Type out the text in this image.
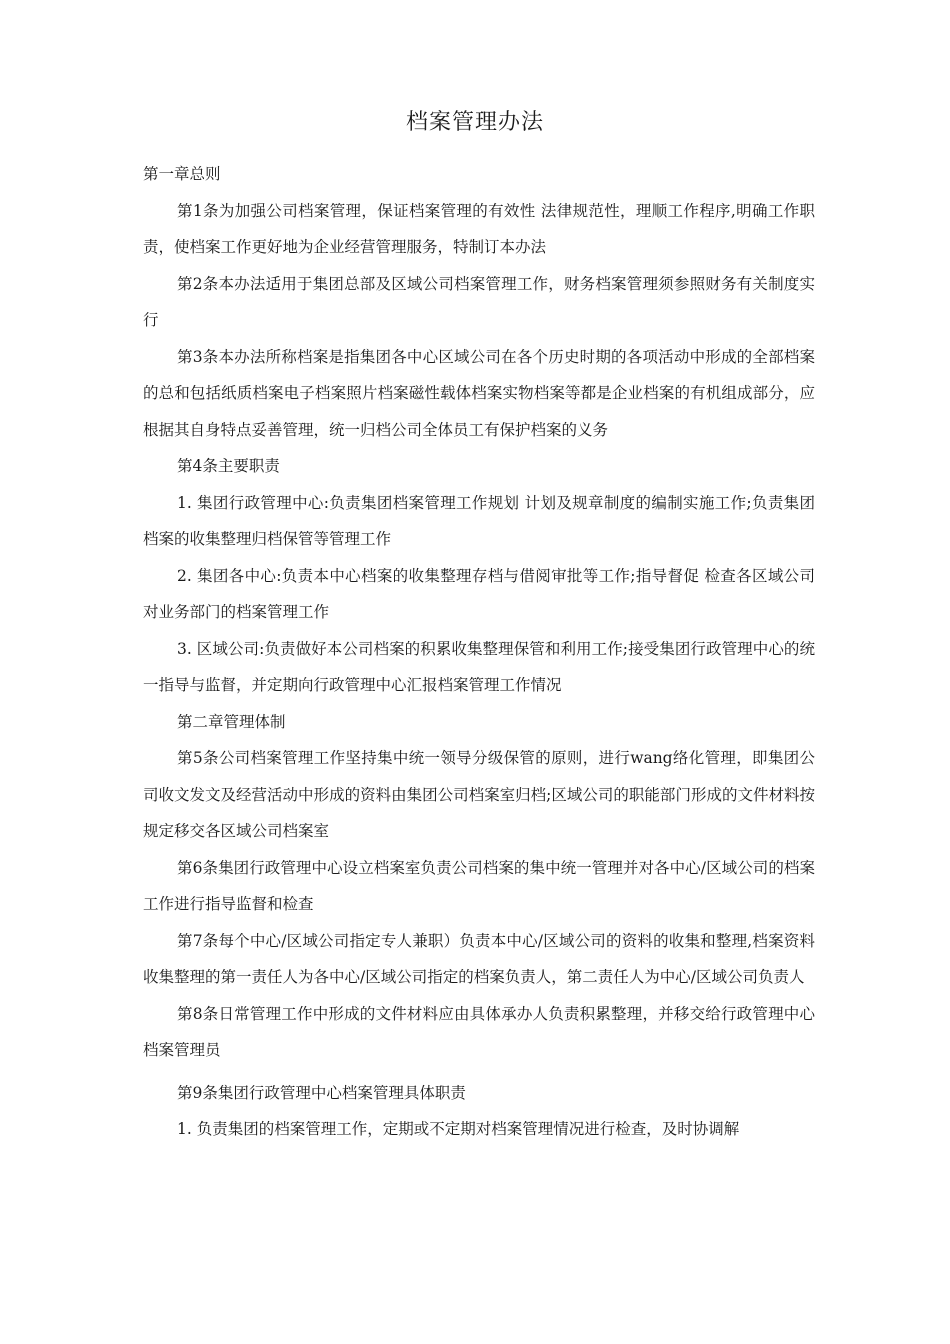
档案管理办法

第一章总则

第1条为加强公司档案管理，保证档案管理的有效性 法律规范性，理顺工作程序,明确工作职责，使档案工作更好地为企业经营管理服务，特制订本办法

第2条本办法适用于集团总部及区域公司档案管理工作，财务档案管理须参照财务有关制度实行

第3条本办法所称档案是指集团各中心区域公司在各个历史时期的各项活动中形成的全部档案的总和包括纸质档案电子档案照片档案磁性载体档案实物档案等都是企业档案的有机组成部分，应根据其自身特点妥善管理，统一归档公司全体员工有保护档案的义务

第4条主要职责

1. 集团行政管理中心:负责集团档案管理工作规划 计划及规章制度的编制实施工作;负责集团档案的收集整理归档保管等管理工作

2. 集团各中心:负责本中心档案的收集整理存档与借阅审批等工作;指导督促 检查各区域公司对业务部门的档案管理工作

3. 区域公司:负责做好本公司档案的积累收集整理保管和利用工作;接受集团行政管理中心的统一指导与监督，并定期向行政管理中心汇报档案管理工作情况

第二章管理体制

第5条公司档案管理工作坚持集中统一领导分级保管的原则，进行wang络化管理，即集团公司收文发文及经营活动中形成的资料由集团公司档案室归档;区域公司的职能部门形成的文件材料按规定移交各区域公司档案室

第6条集团行政管理中心设立档案室负责公司档案的集中统一管理并对各中心/区域公司的档案工作进行指导监督和检查

第7条每个中心/区域公司指定专人兼职）负责本中心/区域公司的资料的收集和整理,档案资料收集整理的第一责任人为各中心/区域公司指定的档案负责人，第二责任人为中心/区域公司负责人

第8条日常管理工作中形成的文件材料应由具体承办人负责积累整理，并移交给行政管理中心档案管理员

第9条集团行政管理中心档案管理具体职责

1. 负责集团的档案管理工作，定期或不定期对档案管理情况进行检查，及时协调解
